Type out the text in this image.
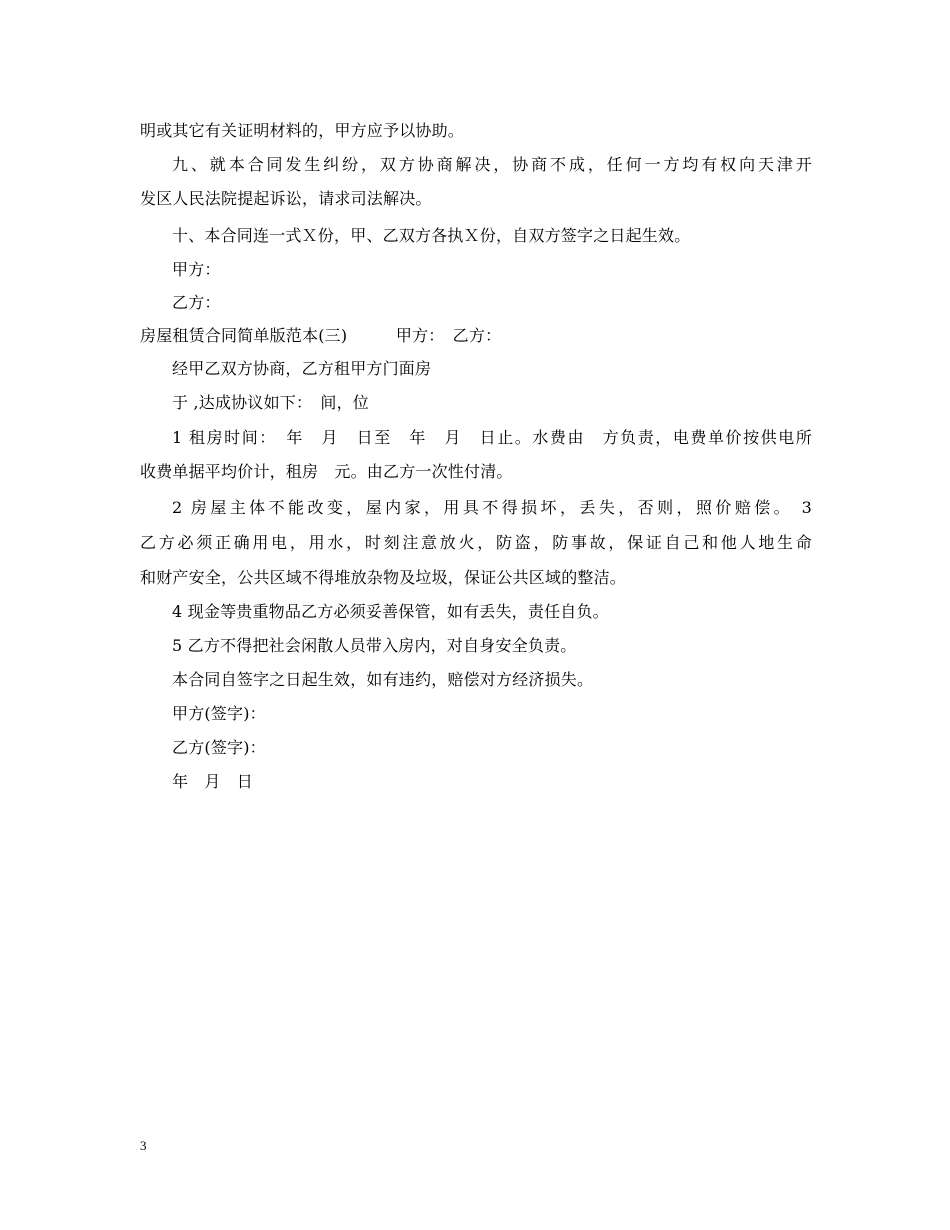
明或其它有关证明材料的，甲方应予以协助。
九、就本合同发生纠纷，双方协商解决，协商不成，任何一方均有权向天津开
发区人民法院提起诉讼，请求司法解决。
十、本合同连一式Ｘ份，甲、乙双方各执Ｘ份，自双方签字之日起生效。
甲方：
乙方：
房屋租赁合同简单版范本(三)　　　甲方：　乙方：
经甲乙双方协商，乙方租甲方门面房
于 ,达成协议如下：　间，位
1 租房时间：　年　月　日至　年　月　日止。水费由　方负责，电费单价按供电所
收费单据平均价计，租房　元。由乙方一次性付清。
2 房屋主体不能改变，屋内家，用具不得损坏，丢失，否则，照价赔偿。 3
乙方必须正确用电，用水，时刻注意放火，防盗，防事故，保证自己和他人地生命
和财产安全，公共区域不得堆放杂物及垃圾，保证公共区域的整洁。
4 现金等贵重物品乙方必须妥善保管，如有丢失，责任自负。
5 乙方不得把社会闲散人员带入房内，对自身安全负责。
本合同自签字之日起生效，如有违约，赔偿对方经济损失。
甲方(签字)：
乙方(签字)：
年　月　日
3
